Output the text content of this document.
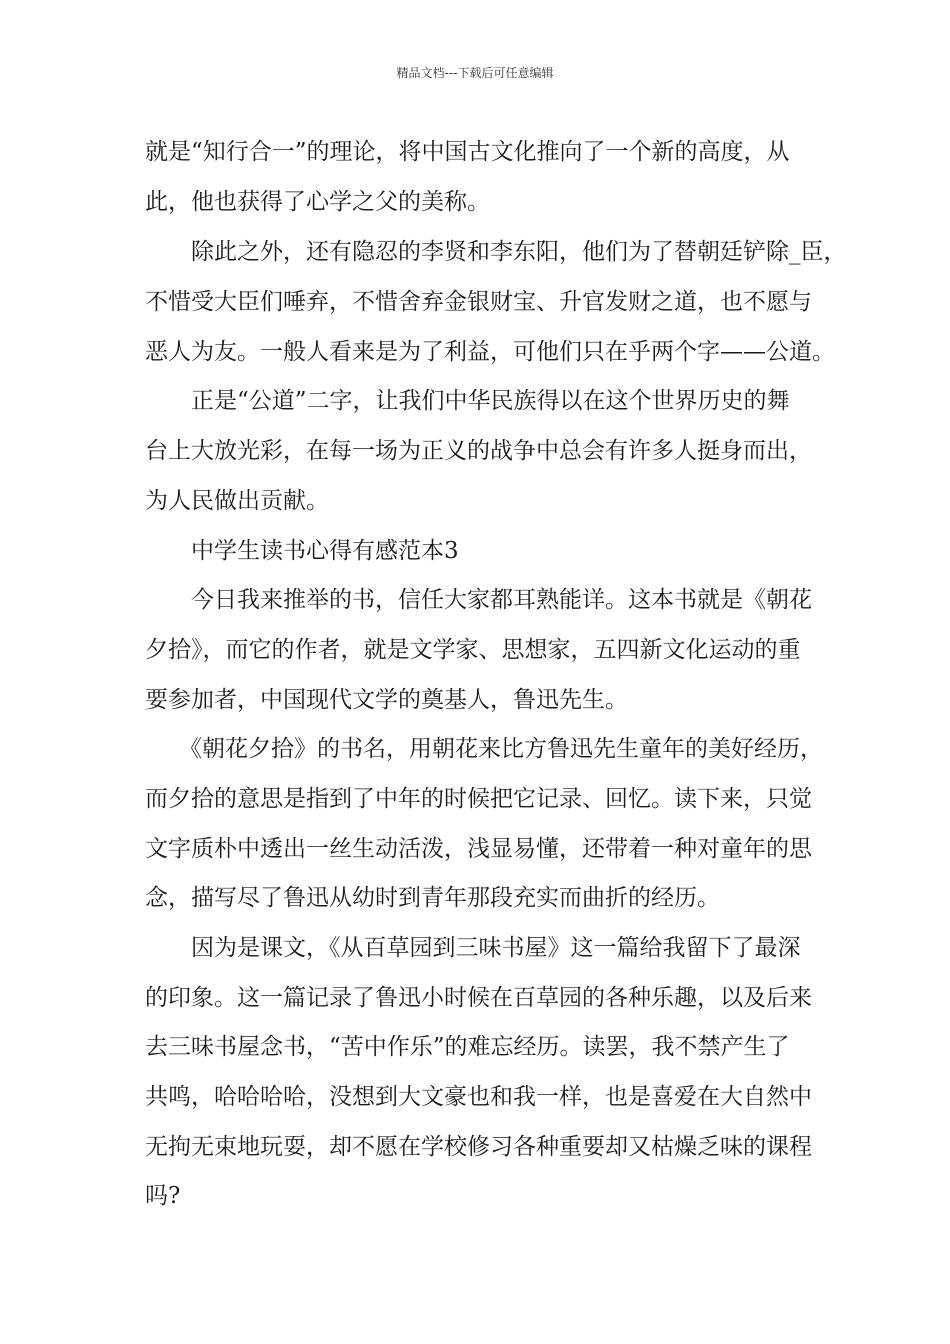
精品文档---下载后可任意编辑
就是“知行合一”的理论，将中国古文化推向了一个新的高度，从
此，他也获得了心学之父的美称。
除此之外，还有隐忍的李贤和李东阳，他们为了替朝廷铲除_臣，
不惜受大臣们唾弃，不惜舍弃金银财宝、升官发财之道，也不愿与
恶人为友。一般人看来是为了利益，可他们只在乎两个字——公道。
正是“公道”二字，让我们中华民族得以在这个世界历史的舞
台上大放光彩，在每一场为正义的战争中总会有许多人挺身而出，
为人民做出贡献。
中学生读书心得有感范本3
今日我来推举的书，信任大家都耳熟能详。这本书就是《朝花
夕拾》，而它的作者，就是文学家、思想家，五四新文化运动的重
要参加者，中国现代文学的奠基人，鲁迅先生。
《朝花夕拾》的书名，用朝花来比方鲁迅先生童年的美好经历，
而夕拾的意思是指到了中年的时候把它记录、回忆。读下来，只觉
文字质朴中透出一丝生动活泼，浅显易懂，还带着一种对童年的思
念，描写尽了鲁迅从幼时到青年那段充实而曲折的经历。
因为是课文，《从百草园到三味书屋》这一篇给我留下了最深
的印象。这一篇记录了鲁迅小时候在百草园的各种乐趣，以及后来
去三味书屋念书，“苦中作乐”的难忘经历。读罢，我不禁产生了
共鸣，哈哈哈哈，没想到大文豪也和我一样，也是喜爱在大自然中
无拘无束地玩耍，却不愿在学校修习各种重要却又枯燥乏味的课程
吗?
